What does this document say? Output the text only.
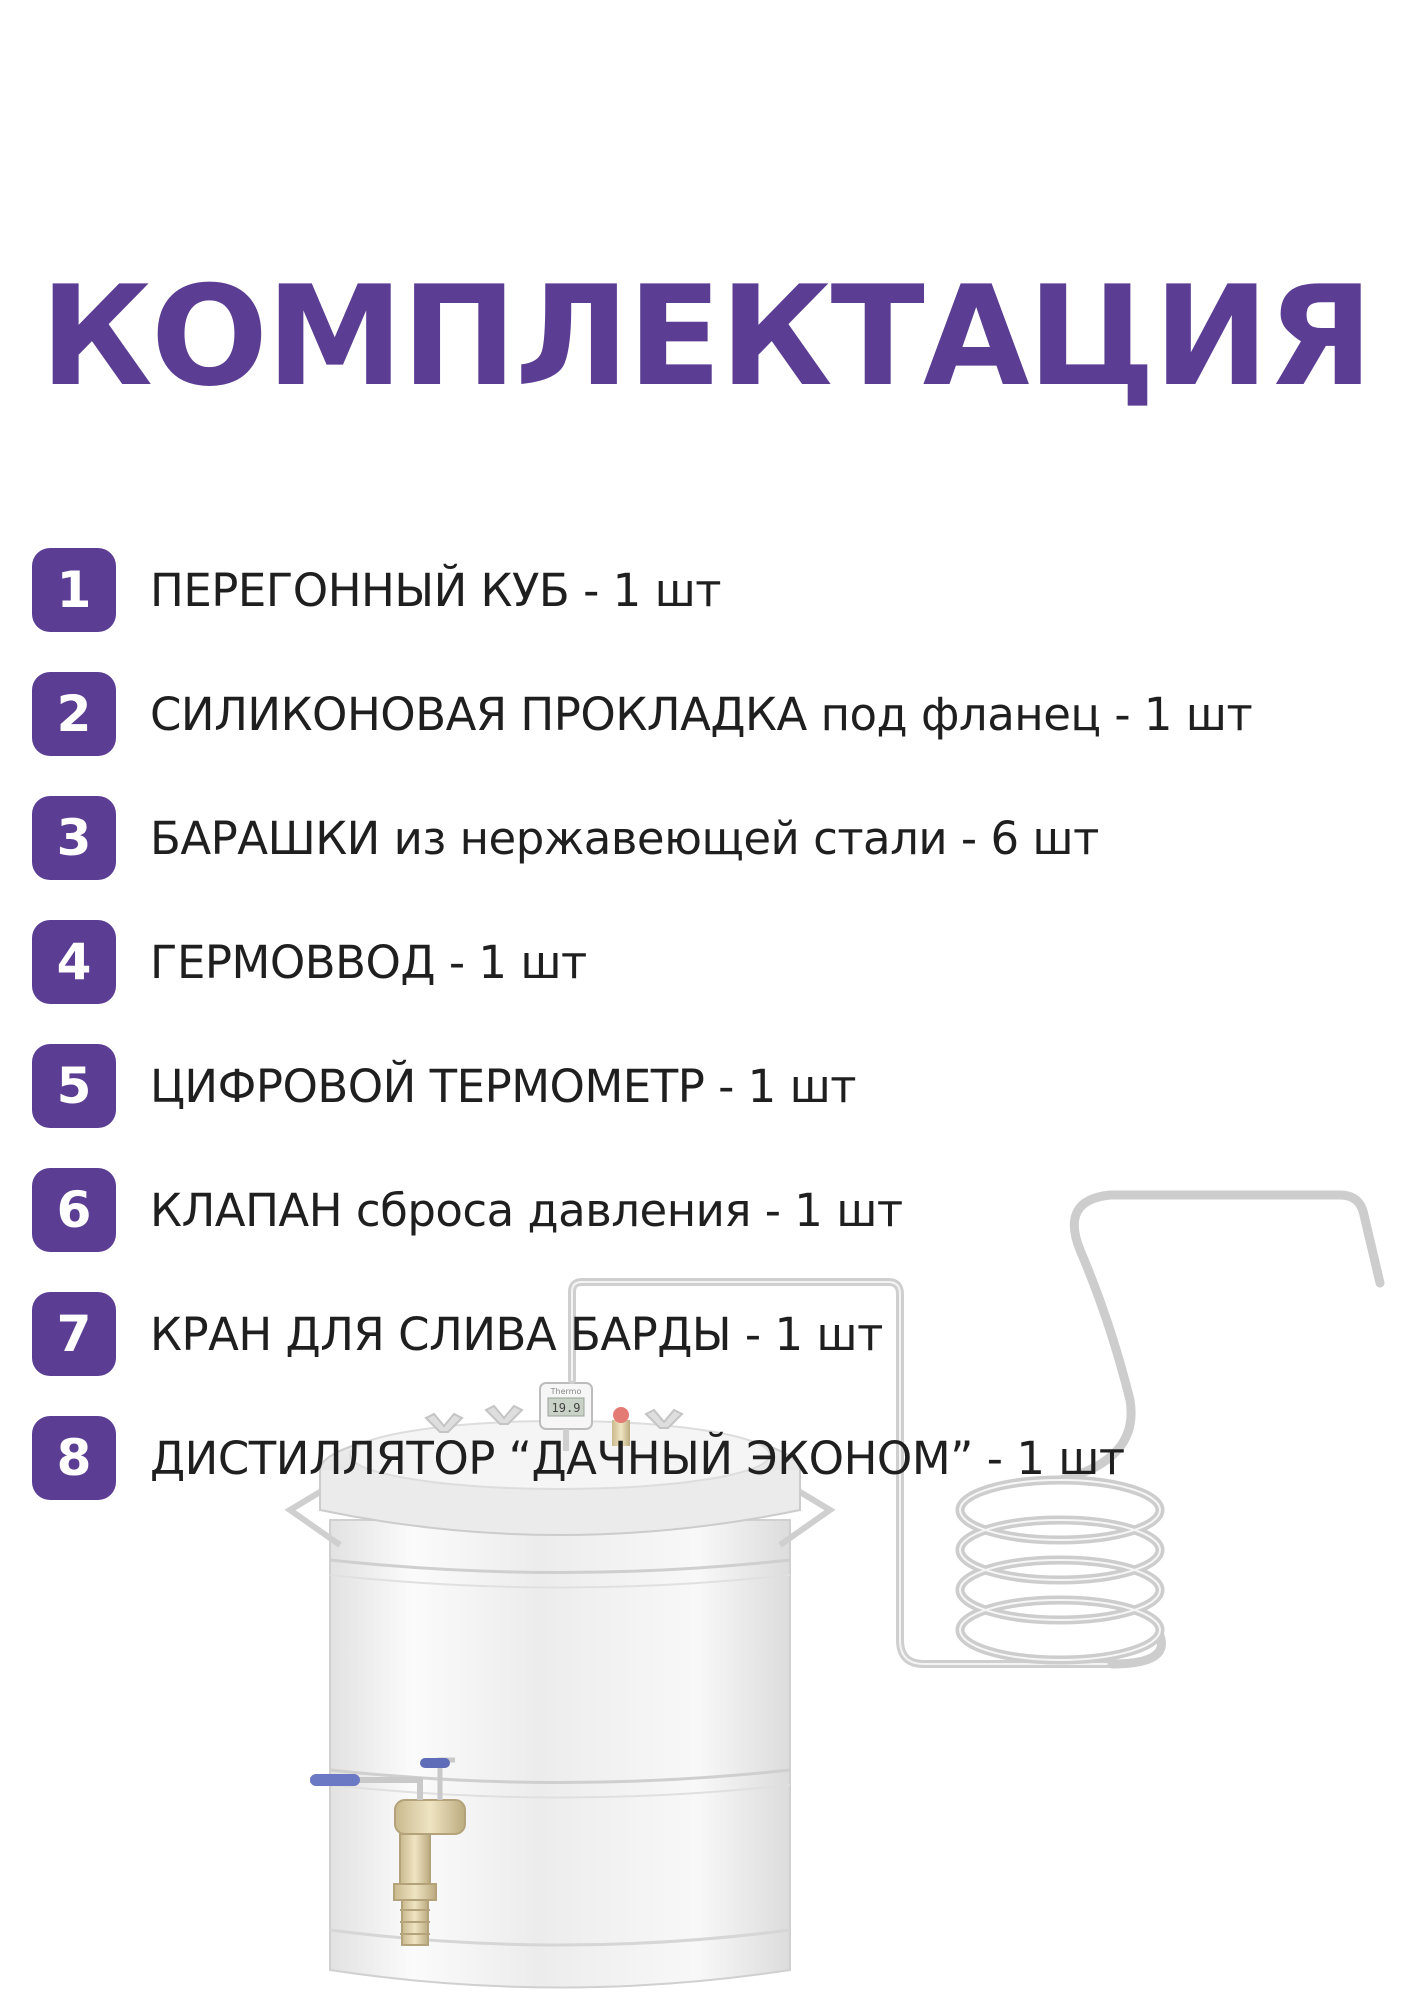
КОМПЛЕКТАЦИЯ
Thermo
19.9
1	ПЕРЕГОННЫЙ КУБ - 1 шт
2	СИЛИКОНОВАЯ ПРОКЛАДКА под фланец - 1 шт
3	БАРАШКИ из нержавеющей стали - 6 шт
4	ГЕРМОВВОД - 1 шт
5	ЦИФРОВОЙ ТЕРМОМЕТР - 1 шт
6	КЛАПАН сброса давления - 1 шт
7	КРАН ДЛЯ СЛИВА БАРДЫ - 1 шт
8	ДИСТИЛЛЯТОР “ДАЧНЫЙ ЭКОНОМ” - 1 шт
